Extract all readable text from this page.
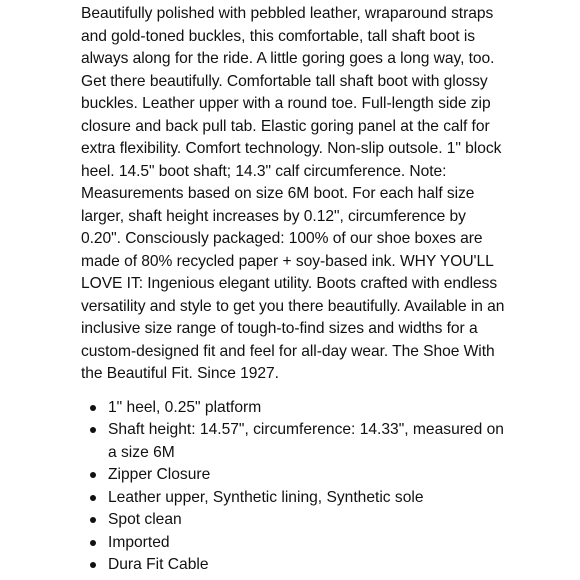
Beautifully polished with pebbled leather, wraparound straps and gold-toned buckles, this comfortable, tall shaft boot is always along for the ride. A little goring goes a long way, too. Get there beautifully. Comfortable tall shaft boot with glossy buckles. Leather upper with a round toe. Full-length side zip closure and back pull tab. Elastic goring panel at the calf for extra flexibility. Comfort technology. Non-slip outsole. 1" block heel. 14.5" boot shaft; 14.3" calf circumference. Note: Measurements based on size 6M boot. For each half size larger, shaft height increases by 0.12", circumference by 0.20". Consciously packaged: 100% of our shoe boxes are made of 80% recycled paper + soy-based ink. WHY YOU'LL LOVE IT: Ingenious elegant utility. Boots crafted with endless versatility and style to get you there beautifully. Available in an inclusive size range of tough-to-find sizes and widths for a custom-designed fit and feel for all-day wear. The Shoe With the Beautiful Fit. Since 1927.

1" heel, 0.25" platform
Shaft height: 14.57", circumference: 14.33", measured on a size 6M
Zipper Closure
Leather upper, Synthetic lining, Synthetic sole
Spot clean
Imported
Dura Fit Cable
